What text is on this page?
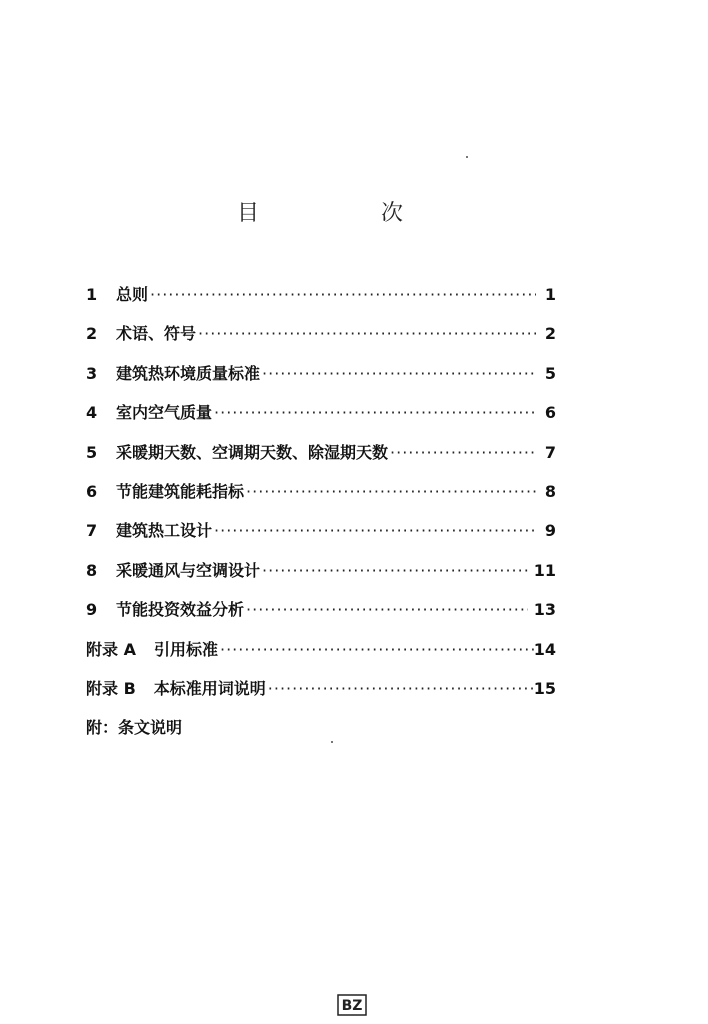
目　次
1	总则 ·····	1
2	术语、符号 ·····	2
3	建筑热环境质量标准 ·····	5
4	室内空气质量 ·····	6
5	采暖期天数、空调期天数、除湿期天数 ·····	7
6	节能建筑能耗指标 ·····	8
7	建筑热工设计 ·····	9
8	采暖通风与空调设计 ·····	11
9	节能投资效益分析 ·····	13
附录 A 引用标准 ·····	14
附录 B 本标准用词说明 ·····	15
附：条文说明
BZ
